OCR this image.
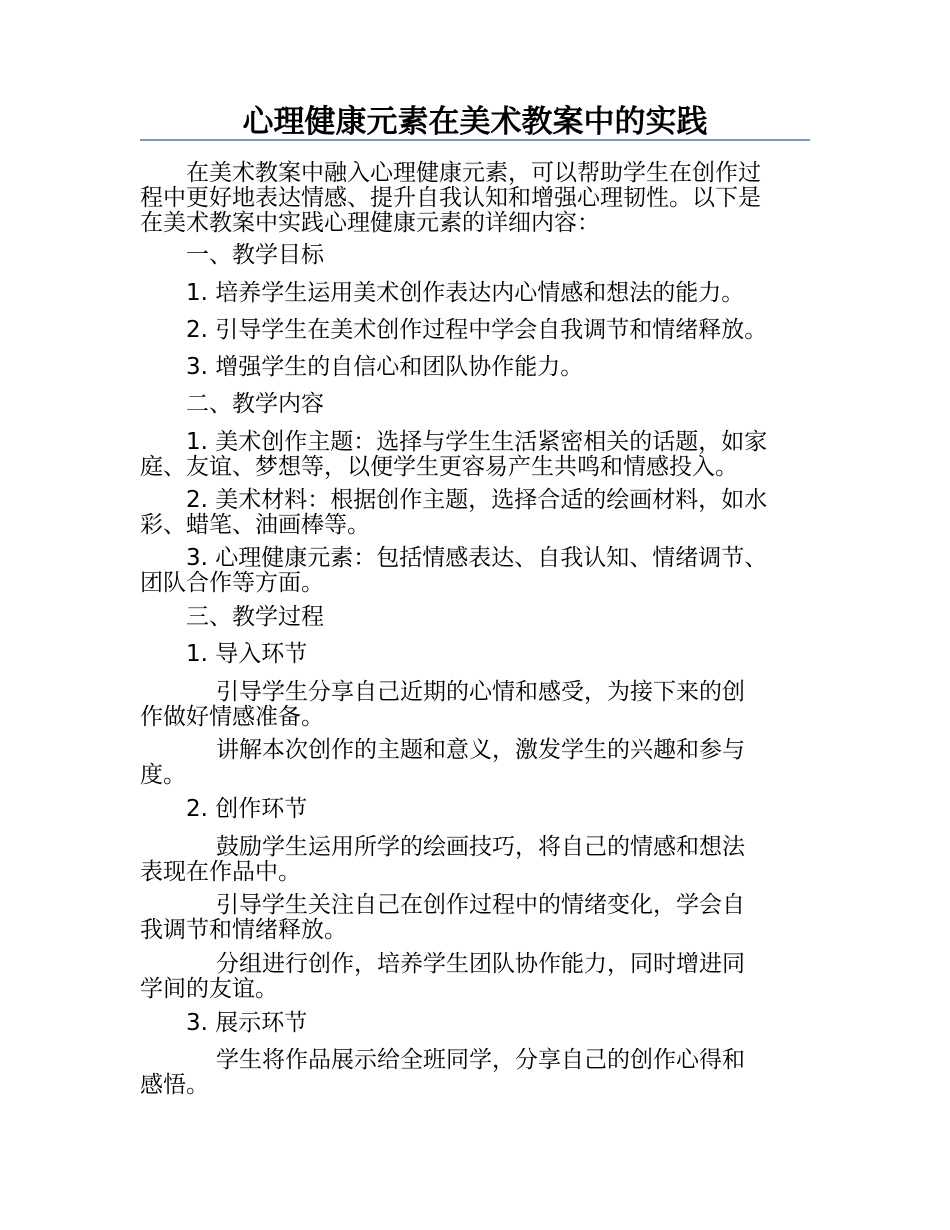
心理健康元素在美术教案中的实践

在美术教案中融入心理健康元素，可以帮助学生在创作过
程中更好地表达情感、提升自我认知和增强心理韧性。以下是
在美术教案中实践心理健康元素的详细内容：

一、教学目标

1. 培养学生运用美术创作表达内心情感和想法的能力。

2. 引导学生在美术创作过程中学会自我调节和情绪释放。

3. 增强学生的自信心和团队协作能力。

二、教学内容

1. 美术创作主题：选择与学生生活紧密相关的话题，如家
庭、友谊、梦想等，以便学生更容易产生共鸣和情感投入。

2. 美术材料：根据创作主题，选择合适的绘画材料，如水
彩、蜡笔、油画棒等。

3. 心理健康元素：包括情感表达、自我认知、情绪调节、
团队合作等方面。

三、教学过程

1. 导入环节

引导学生分享自己近期的心情和感受，为接下来的创
作做好情感准备。

讲解本次创作的主题和意义，激发学生的兴趣和参与
度。

2. 创作环节

鼓励学生运用所学的绘画技巧，将自己的情感和想法
表现在作品中。

引导学生关注自己在创作过程中的情绪变化，学会自
我调节和情绪释放。

分组进行创作，培养学生团队协作能力，同时增进同
学间的友谊。

3. 展示环节

学生将作品展示给全班同学，分享自己的创作心得和
感悟。
